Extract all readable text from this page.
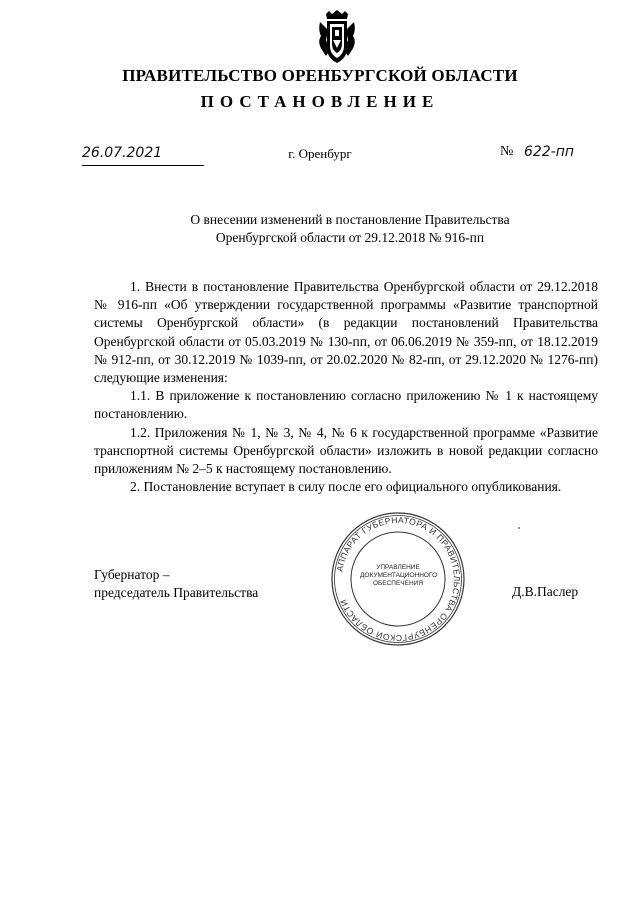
ПРАВИТЕЛЬСТВО ОРЕНБУРГСКОЙ ОБЛАСТИ
ПОСТАНОВЛЕНИЕ
26.07.2021	г. Оренбург	№ 622-пп
О внесении изменений в постановление Правительства
Оренбургской области от 29.12.2018 № 916-пп

1. Внести в постановление Правительства Оренбургской области от 29.12.2018 № 916-пп «Об утверждении государственной программы «Развитие транспортной системы Оренбургской области» (в редакции постановлений Правительства Оренбургской области от 05.03.2019 № 130-пп, от 06.06.2019 № 359-пп, от 18.12.2019 № 912-пп, от 30.12.2019 № 1039-пп, от 20.02.2020 № 82-пп, от 29.12.2020 № 1276-пп) следующие изменения:

1.1. В приложение к постановлению согласно приложению № 1 к настоящему постановлению.

1.2. Приложения № 1, № 3, № 4, № 6 к государственной программе «Развитие транспортной системы Оренбургской области» изложить в новой редакции согласно приложениям № 2–5 к настоящему постановлению.

2. Постановление вступает в силу после его официального опубликования.

Губернатор –
председатель Правительства	Д.В.Паслер
АППАРАТ ГУБЕРНАТОРА И ПРАВИТЕЛЬСТВА ОРЕНБУРГСКОЙ ОБЛАСТИ
УПРАВЛЕНИЕ
ДОКУМЕНТАЦИОННОГО
ОБЕСПЕЧЕНИЯ
